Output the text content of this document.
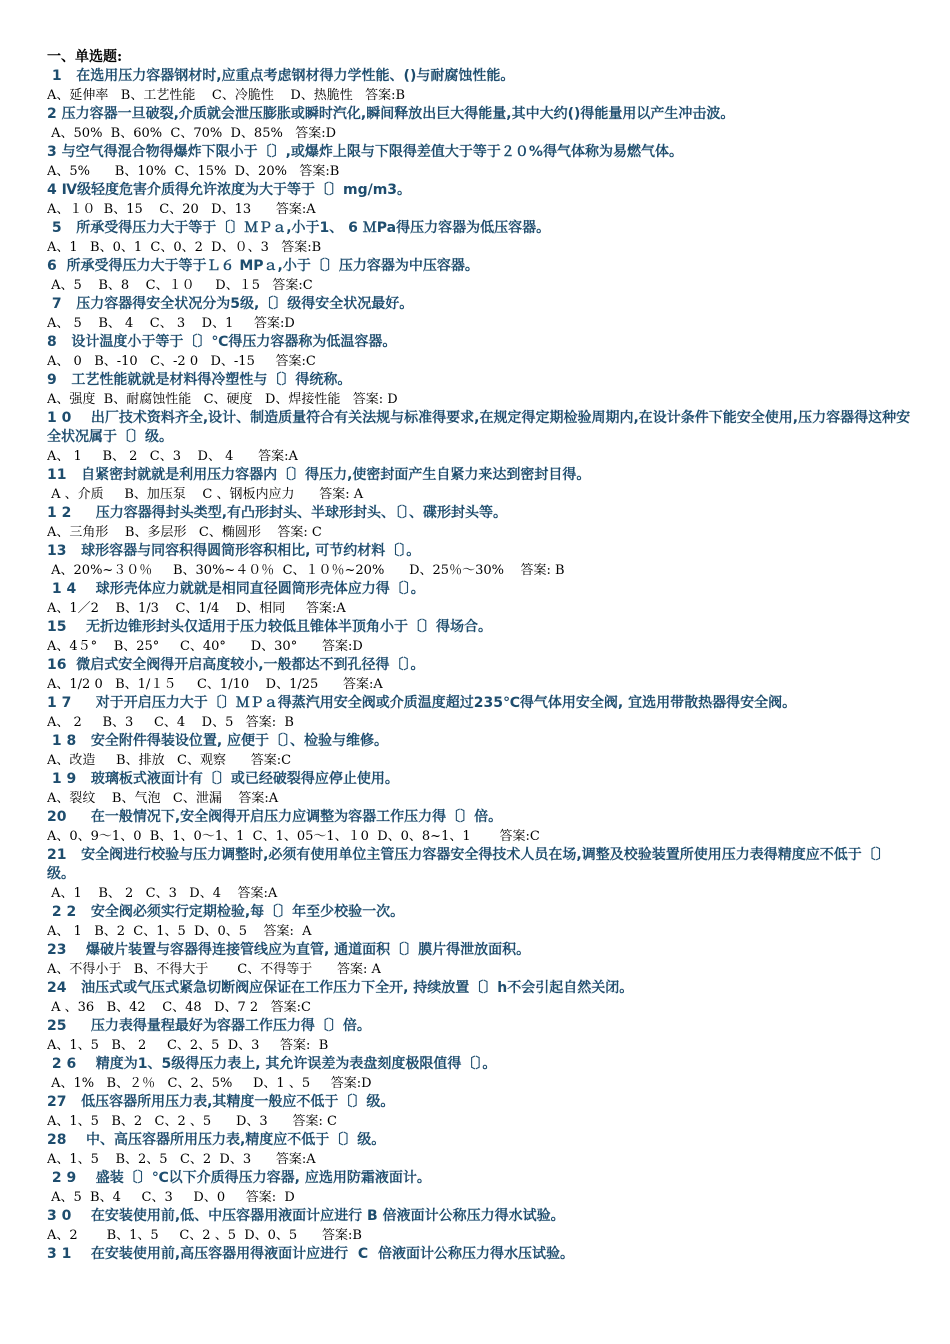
一、单选题:
1   在选用压力容器钢材时,应重点考虑钢材得力学性能、()与耐腐蚀性能。
A、延伸率   B、工艺性能    C、冷脆性    D、热脆性   答案:B
2 压力容器一旦破裂,介质就会泄压膨胀或瞬时汽化,瞬间释放出巨大得能量,其中大约()得能量用以产生冲击波。
A、50%  B、60%  C、70%  D、85%   答案:D
3 与空气得混合物得爆炸下限小于〔〕,或爆炸上限与下限得差值大于等于２０%得气体称为易燃气体。
A、5%      B、10%  C、15%  D、20%   答案:B
4 Ⅳ级轻度危害介质得允许浓度为大于等于〔〕mg/m3。
A、１０  B、15    C、20   D、13      答案:A
5   所承受得压力大于等于〔〕ＭＰａ,小于1、 6 ＭPa得压力容器为低压容器。
A、1   B、0、1  C、0、2  D、０、3   答案:B
6  所承受得压力大于等于Ｌ６ MPａ,小于〔〕压力容器为中压容器。
A、5    B、8    C、１０     D、１5   答案:C
7   压力容器得安全状况分为5级,〔〕级得安全状况最好。
A、 5    B、 4    C、 3    D、1     答案:D
8   设计温度小于等于〔〕℃得压力容器称为低温容器。
A、 0   B、-10   C、-2 0   D、-15     答案:C
9   工艺性能就就是材料得冷塑性与〔〕得统称。
A、强度  B、耐腐蚀性能   C、硬度   D、焊接性能   答案: D
1 0    出厂技术资料齐全,设计、制造质量符合有关法规与标准得要求,在规定得定期检验周期内,在设计条件下能安全使用,压力容器得这种安全状况属于〔〕级。
A、 1     B、 2   C、3    D、 4      答案:A
11   自紧密封就就是利用压力容器内〔〕得压力,使密封面产生自紧力来达到密封目得。
A 、介质     B、加压泵    C 、钢板内应力      答案: A
1 2     压力容器得封头类型,有凸形封头、半球形封头、〔〕、碟形封头等。
A、三角形    B、多层形   C、椭圆形    答案: C
13   球形容器与同容积得圆筒形容积相比, 可节约材料〔〕。
A、20%~３０％     B、30%~４０％  C、１０％~20%      D、25％～30%    答案: B
1 4    球形壳体应力就就是相同直径圆筒形壳体应力得〔〕。
A、1／2    B、1/3    C、1/4    D、相同     答案:A
15    无折边锥形封头仅适用于压力较低且锥体半顶角小于〔〕得场合。
A、4５°    B、25°     C、40°      D、30°      答案:D
16  微启式安全阀得开启高度较小,一般都达不到孔径得〔〕。
A、1/2 0   B、1/１５     C、1/10    D、1/25      答案:A
1 7     对于开启压力大于〔〕ＭＰａ得蒸汽用安全阀或介质温度超过235℃得气体用安全阀, 宜选用带散热器得安全阀。
A、 2     B、3     C、4    D、5   答案:  B
1 8   安全附件得装设位置, 应便于〔〕、检验与维修。
A、改造     B、排放   C、观察      答案:C
1 9   玻璃板式液面计有〔〕或已经破裂得应停止使用。
A、裂纹    B、气泡   C、泄漏    答案:A
20     在一般情况下,安全阀得开启压力应调整为容器工作压力得〔〕倍。
A、0、9～1、0  B、1、0～1、1  C、1、05～1、１0  D、0、8~1、1       答案:C
21   安全阀进行校验与压力调整时,必须有使用单位主管压力容器安全得技术人员在场,调整及校验装置所使用压力表得精度应不低于〔〕级。
A、1    B、 2   C、3   D、4    答案:A
2 2   安全阀必须实行定期检验,每〔〕年至少校验一次。
A、 1   B、2  C、1、5  D、0、5    答案:  A
23    爆破片装置与容器得连接管线应为直管, 通道面积〔〕膜片得泄放面积。
A、不得小于   B、不得大于       C、不得等于      答案: A
24   油压式或气压式紧急切断阀应保证在工作压力下全开, 持续放置〔〕h不会引起自然关闭。
A 、36   B、42    C、48   D、7 2   答案:C
25     压力表得量程最好为容器工作压力得〔〕倍。
A、1、5   B、 2     C、2、5  D、3     答案:  B
2 6    精度为1、5级得压力表上, 其允许误差为表盘刻度极限值得〔〕。
A、1%   B、２％   C、2、5%     D、1 、5     答案:D
27   低压容器所用压力表,其精度一般应不低于〔〕级。
A、1、5   B、2   C、2 、5      D、3      答案: C
28    中、高压容器所用压力表,精度应不低于〔〕级。
A、1、5    B、2、5   C、2  D、3      答案:A
2 9    盛装〔〕℃以下介质得压力容器, 应选用防霜液面计。
A、5  B、4     C、3     D、0     答案:  D
3 0    在安装使用前,低、中压容器用液面计应进行 B 倍液面计公称压力得水试验。
A、2       B、1、5     C、2 、5  D、0、5      答案:B
3 1    在安装使用前,高压容器用得液面计应进行  C  倍液面计公称压力得水压试验。
